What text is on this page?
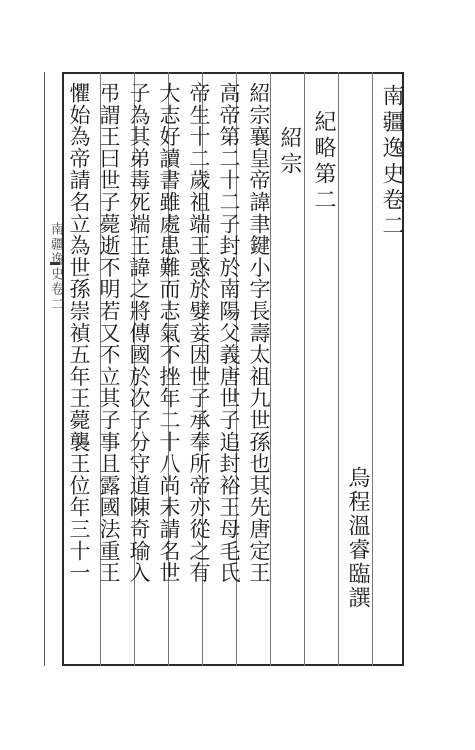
南疆逸史卷二
南疆逸史卷二
烏程溫睿臨譔
紀略第二
紹宗
紹宗襄皇帝諱聿鍵小字長壽太祖九世孫也其先唐定王
高帝第二十二子封於南陽父義唐世子追封裕王母毛氏
帝生十二歲祖端王惑於嬖妾因世子承奉所帝亦從之有
大志好讀書雖處患難而志氣不挫年二十八尚未請名世
子為其弟毒死端王諱之將傳國於次子分守道陳奇瑜入
弔謂王曰世子薨逝不明若又不立其子事且露國法重王
懼始為帝請名立為世孫崇禎五年王薨襲王位年三十一
